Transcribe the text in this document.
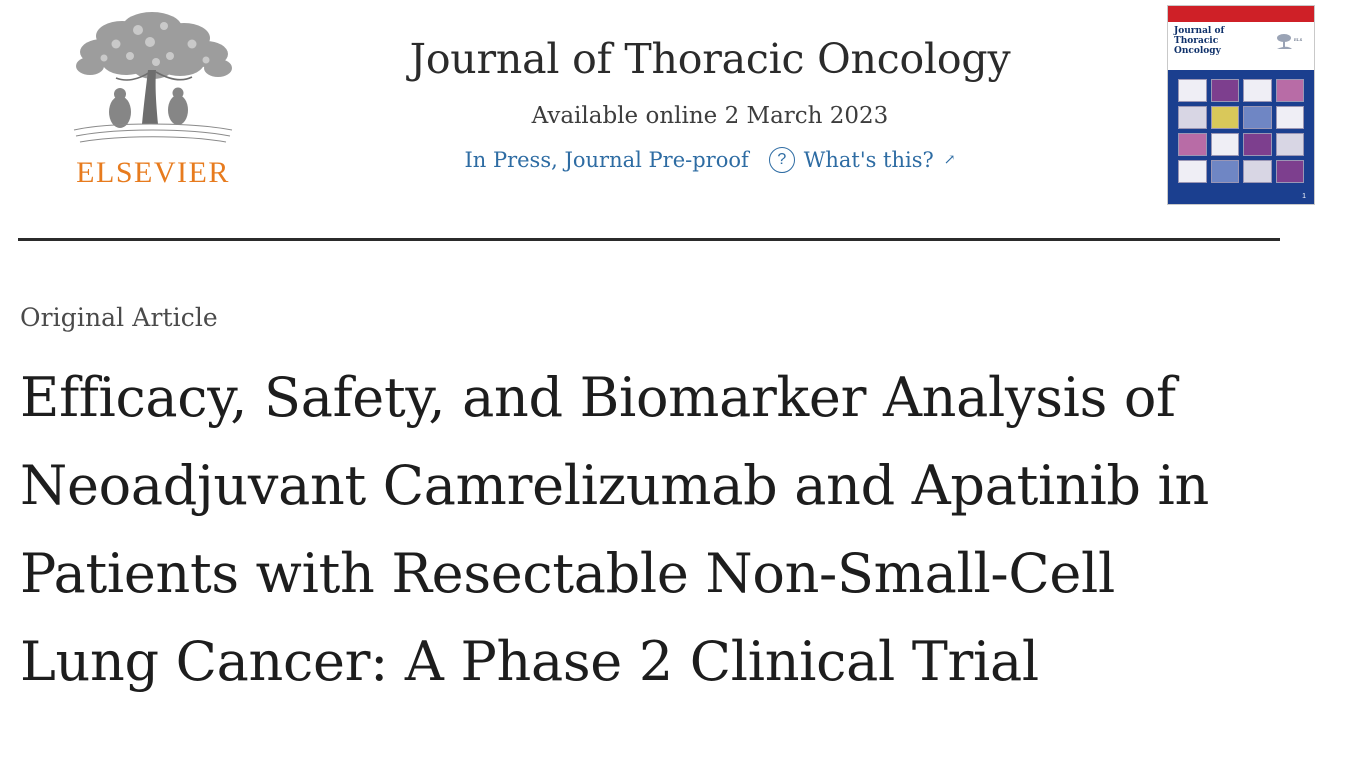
ELSEVIER
Journal of Thoracic Oncology
Available online 2 March 2023
In Press, Journal Pre-proof	? What's this? ↗
Journal of
Thoracic
Oncology
ELS
1
Original Article
Efficacy, Safety, and Biomarker Analysis of Neoadjuvant Camrelizumab and Apatinib in Patients with Resectable Non-Small-Cell Lung Cancer: A Phase 2 Clinical Trial
